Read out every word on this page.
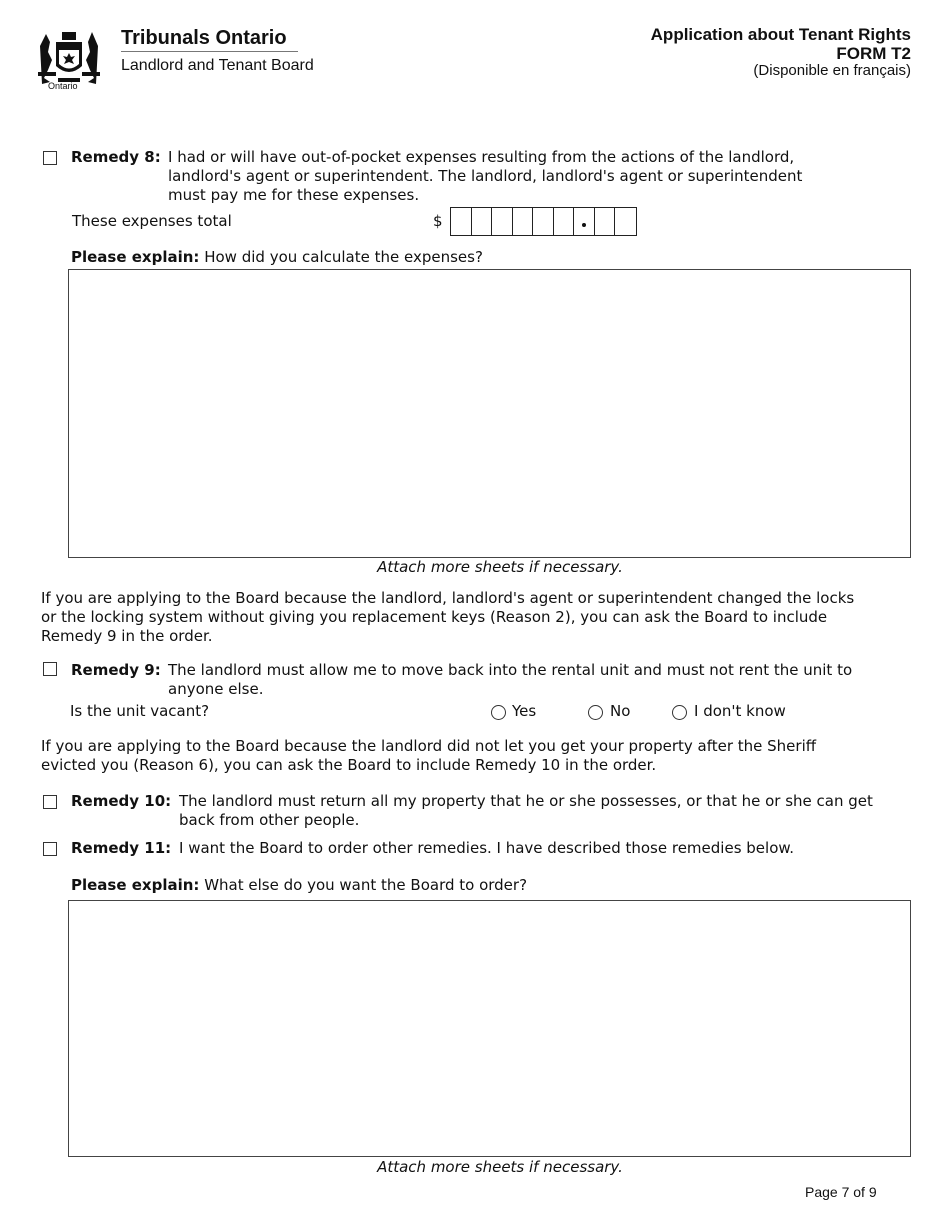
Ontario
Tribunals Ontario
Landlord and Tenant Board
Application about Tenant Rights
FORM T2
(Disponible en français)
Remedy 8: I had or will have out-of-pocket expenses resulting from the actions of the landlord,
landlord's agent or superintendent. The landlord, landlord's agent or superintendent
must pay me for these expenses.
These expenses total	$
Please explain: How did you calculate the expenses?
Attach more sheets if necessary.
If you are applying to the Board because the landlord, landlord's agent or superintendent changed the locks
or the locking system without giving you replacement keys (Reason 2), you can ask the Board to include
Remedy 9 in the order.
Remedy 9: The landlord must allow me to move back into the rental unit and must not rent the unit to
anyone else.
Is the unit vacant?	Yes	No	I don't know
If you are applying to the Board because the landlord did not let you get your property after the Sheriff
evicted you (Reason 6), you can ask the Board to include Remedy 10 in the order.
Remedy 10: The landlord must return all my property that he or she possesses, or that he or she can get
back from other people.
Remedy 11: I want the Board to order other remedies. I have described those remedies below.
Please explain: What else do you want the Board to order?
Attach more sheets if necessary.
Page 7 of 9
